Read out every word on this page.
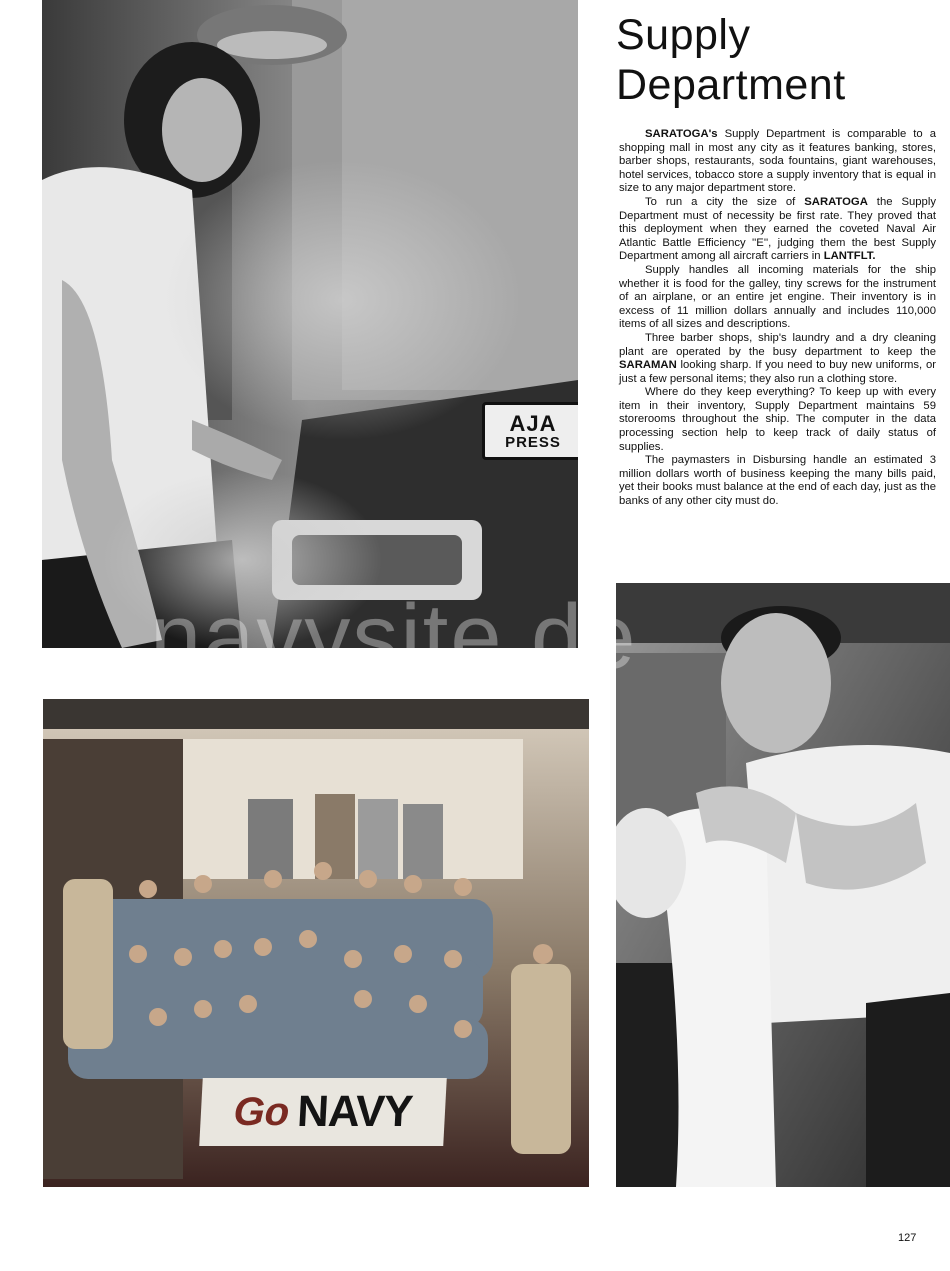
AJA
PRESS
Supply
Department

SARATOGA's Supply Department is comparable to a shopping mall in most any city as it features banking, stores, barber shops, restaurants, soda fountains, giant warehouses, hotel services, tobacco store a supply inventory that is equal in size to any major department store.

To run a city the size of SARATOGA the Supply Department must of necessity be first rate. They proved that this deployment when they earned the coveted Naval Air Atlantic Battle Efficiency ''E'', judging them the best Supply Department among all aircraft carriers in LANTFLT.

Supply handles all incoming materials for the ship whether it is food for the galley, tiny screws for the instrument of an airplane, or an entire jet engine. Their inventory is in excess of 11 million dollars annually and includes 110,000 items of all sizes and descriptions.

Three barber shops, ship's laundry and a dry cleaning plant are operated by the busy department to keep the SARAMAN looking sharp. If you need to buy new uniforms, or just a few personal items; they also run a clothing store.

Where do they keep everything? To keep up with every item in their inventory, Supply Department maintains 59 storerooms throughout the ship. The computer in the data processing section help to keep track of daily status of supplies.

The paymasters in Disbursing handle an estimated 3 million dollars worth of business keeping the many bills paid, yet their books must balance at the end of each day, just as the banks of any other city must do.

Go NAVY
navysite.de
127
